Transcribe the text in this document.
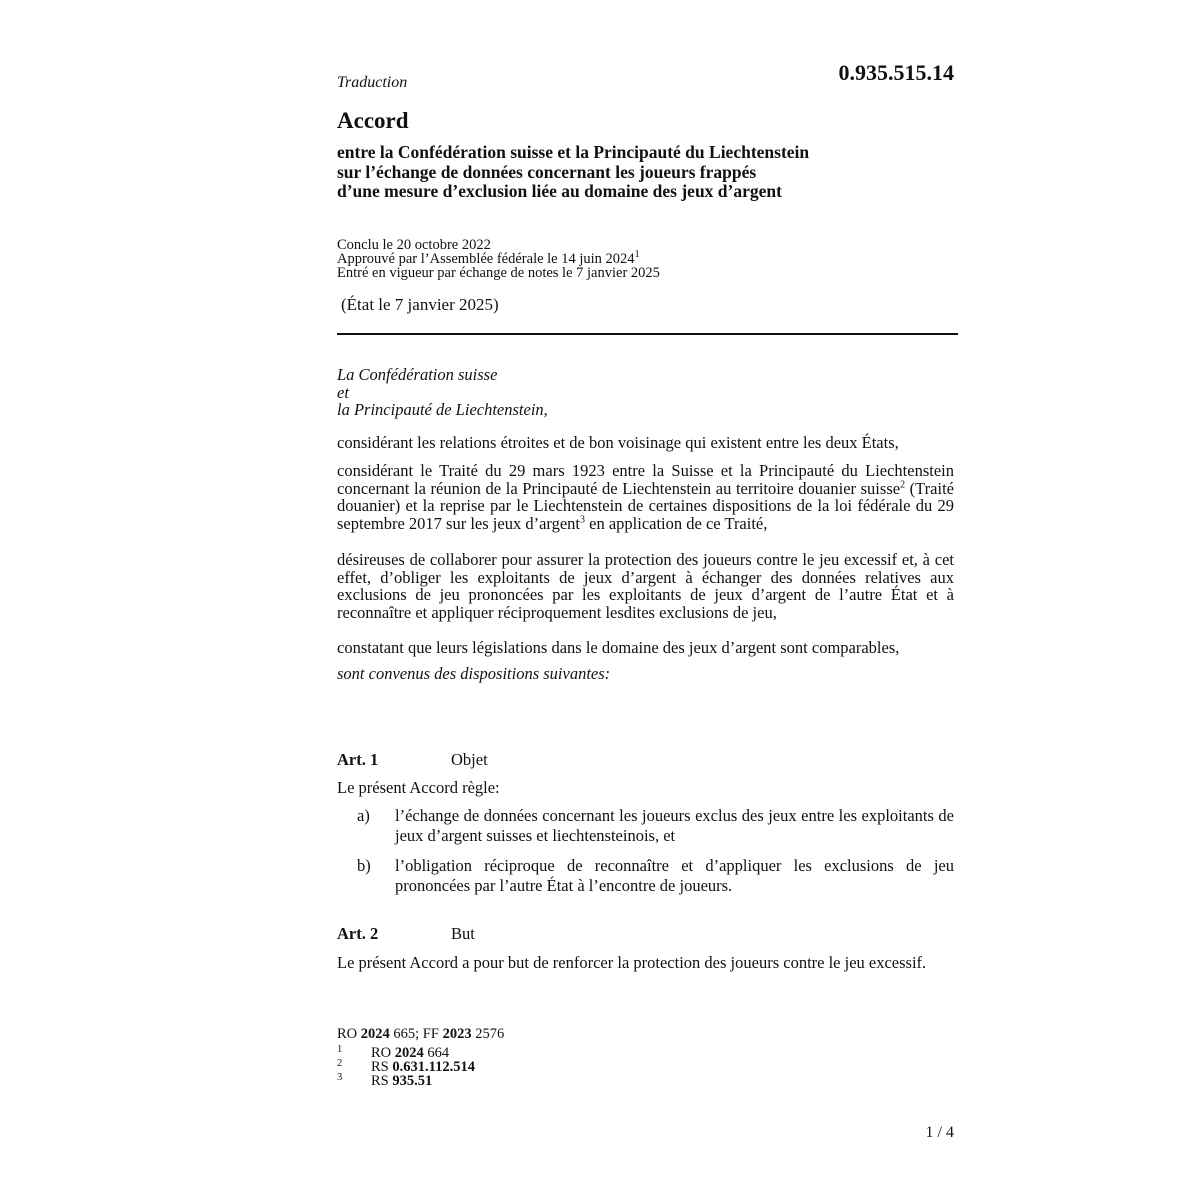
0.935.515.14
Traduction
Accord
entre la Confédération suisse et la Principauté du Liechtenstein
sur l’échange de données concernant les joueurs frappés
d’une mesure d’exclusion liée au domaine des jeux d’argent
Conclu le 20 octobre 2022
Approuvé par l’Assemblée fédérale le 14 juin 2024$^1$
Entré en vigueur par échange de notes le 7 janvier 2025
(État le 7 janvier 2025)
La Confédération suisse
et
la Principauté de Liechtenstein,
considérant les relations étroites et de bon voisinage qui existent entre les deux États,
considérant le Traité du 29 mars 1923 entre la Suisse et la Principauté du Liechtenstein concernant la réunion de la Principauté de Liechtenstein au territoire douanier suisse$^2$ (Traité douanier) et la reprise par le Liechtenstein de certaines dispositions de la loi fédérale du 29 septembre 2017 sur les jeux d’argent$^3$ en application de ce Traité,
désireuses de collaborer pour assurer la protection des joueurs contre le jeu excessif et, à cet effet, d’obliger les exploitants de jeux d’argent à échanger des données relatives aux exclusions de jeu prononcées par les exploitants de jeux d’argent de l’autre État et à reconnaître et appliquer réciproquement lesdites exclusions de jeu,
constatant que leurs législations dans le domaine des jeux d’argent sont comparables,
sont convenus des dispositions suivantes:
Art. 1	Objet
Le présent Accord règle:
a)	l’échange de données concernant les joueurs exclus des jeux entre les exploitants de jeux d’argent suisses et liechtensteinois, et
b)	l’obligation réciproque de reconnaître et d’appliquer les exclusions de jeu prononcées par l’autre État à l’encontre de joueurs.
Art. 2	But
Le présent Accord a pour but de renforcer la protection des joueurs contre le jeu excessif.
RO 2024 665; FF 2023 2576
1 RO 2024 664
2 RS 0.631.112.514
3 RS 935.51
1 / 4
